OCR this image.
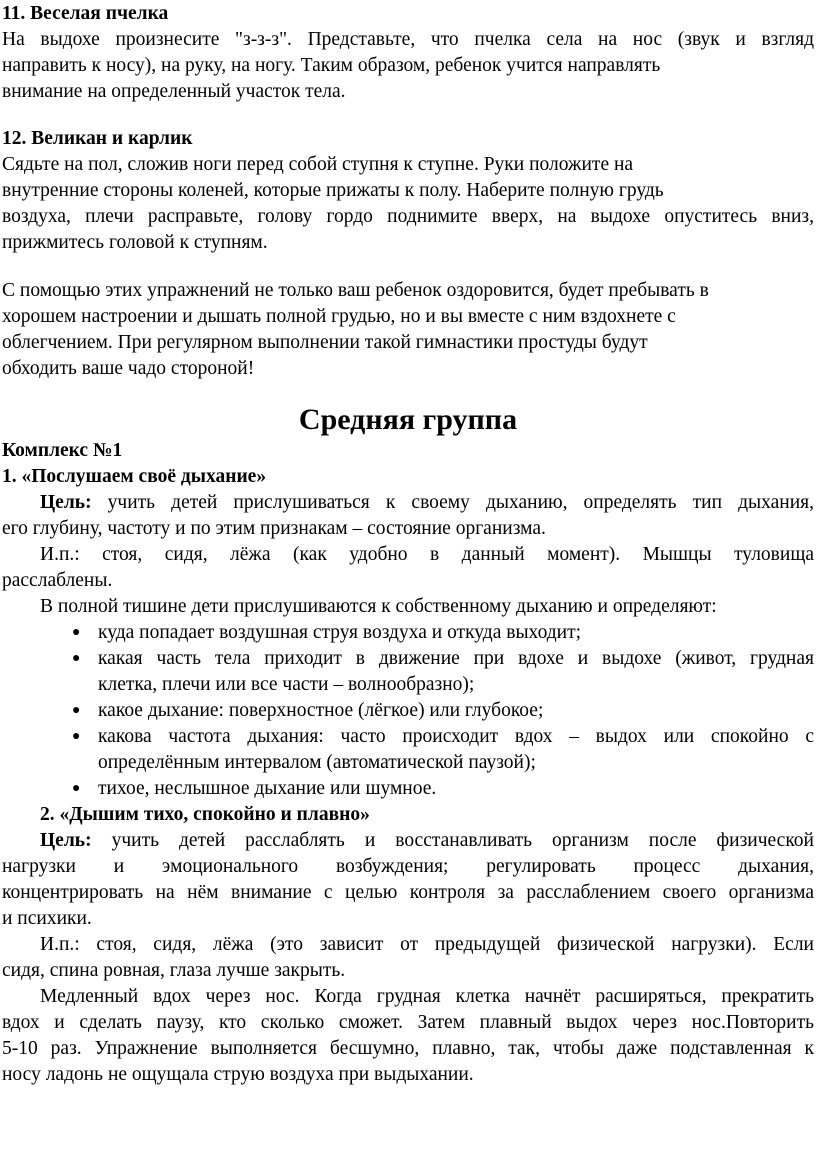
11. Веселая пчелка
На выдохе произнесите "з-з-з". Представьте, что пчелка села на нос (звук и взгляд
направить к носу), на руку, на ногу. Таким образом, ребенок учится направлять
внимание на определенный участок тела.
12. Великан и карлик
Сядьте на пол, сложив ноги перед собой ступня к ступне. Руки положите на
внутренние стороны коленей, которые прижаты к полу. Наберите полную грудь
воздуха, плечи расправьте, голову гордо поднимите вверх, на выдохе опуститесь вниз,
прижмитесь головой к ступням.
С помощью этих упражнений не только ваш ребенок оздоровится, будет пребывать в
хорошем настроении и дышать полной грудью, но и вы вместе с ним вздохнете с
облегчением. При регулярном выполнении такой гимнастики простуды будут
обходить ваше чадо стороной!
Средняя группа
Комплекс №1
1. «Послушаем своё дыхание»
Цель: учить детей прислушиваться к своему дыханию, определять тип дыхания,
его глубину, частоту и по этим признакам – состояние организма.
И.п.: стоя, сидя, лёжа (как удобно в данный момент). Мышцы туловища
расслаблены.
В полной тишине дети прислушиваются к собственному дыханию и определяют:
● куда попадает воздушная струя воздуха и откуда выходит;
● какая часть тела приходит в движение при вдохе и выдохе (живот, грудная
клетка, плечи или все части – волнообразно);
● какое дыхание: поверхностное (лёгкое) или глубокое;
● какова частота дыхания: часто происходит вдох – выдох или спокойно с
определённым интервалом (автоматической паузой);
● тихое, неслышное дыхание или шумное.
2. «Дышим тихо, спокойно и плавно»
Цель: учить детей расслаблять и восстанавливать организм после физической
нагрузки и эмоционального возбуждения; регулировать процесс дыхания,
концентрировать на нём внимание с целью контроля за расслаблением своего организма
и психики.
И.п.: стоя, сидя, лёжа (это зависит от предыдущей физической нагрузки). Если
сидя, спина ровная, глаза лучше закрыть.
Медленный вдох через нос. Когда грудная клетка начнёт расширяться, прекратить
вдох и сделать паузу, кто сколько сможет. Затем плавный выдох через нос.Повторить
5-10 раз. Упражнение выполняется бесшумно, плавно, так, чтобы даже подставленная к
носу ладонь не ощущала струю воздуха при выдыхании.
